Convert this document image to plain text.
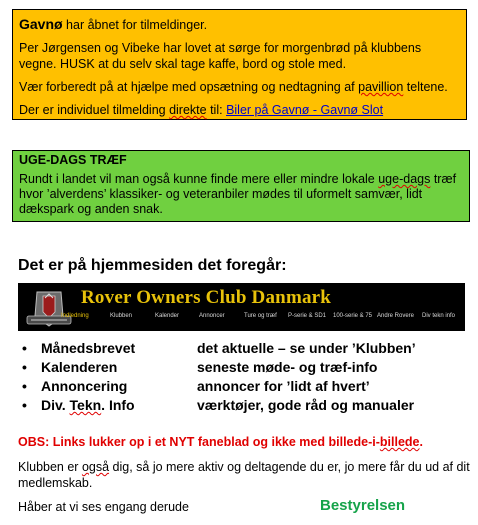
Gavnø har åbnet for tilmeldinger.

Per Jørgensen og Vibeke har lovet at sørge for morgenbrød på klubbens vegne. HUSK at du selv skal tage kaffe, bord og stole med.

Vær forberedt på at hjælpe med opsætning og nedtagning af pavillion teltene.

Der er individuel tilmelding direkte til: Biler på Gavnø - Gavnø Slot

UGE-DAGS TRÆF
Rundt i landet vil man også kunne finde mere eller mindre lokale uge-dags træf hvor ’alverdens’ klassiker- og veteranbiler mødes til uformelt samvær, lidt dækspark og anden snak.
Det er på hjemmesiden det foregår:
Rover Owners Club Danmark
Indledning	Klubben	Kalender	Annoncer	Ture og træf P-serie & SD1 100-serie & 75 Andre Rovere Div tekn info
• Månedsbrevet	det aktuelle – se under ’Klubben’
• Kalenderen	seneste møde- og træf-info
• Annoncering	annoncer for ’lidt af hvert’
• Div. Tekn. Info	værktøjer, gode råd og manualer
OBS: Links lukker op i et NYT faneblad og ikke med billede-i-billede.
Klubben er også dig, så jo mere aktiv og deltagende du er, jo mere får du ud af dit medlemskab.
Håber at vi ses engang derude	Bestyrelsen
